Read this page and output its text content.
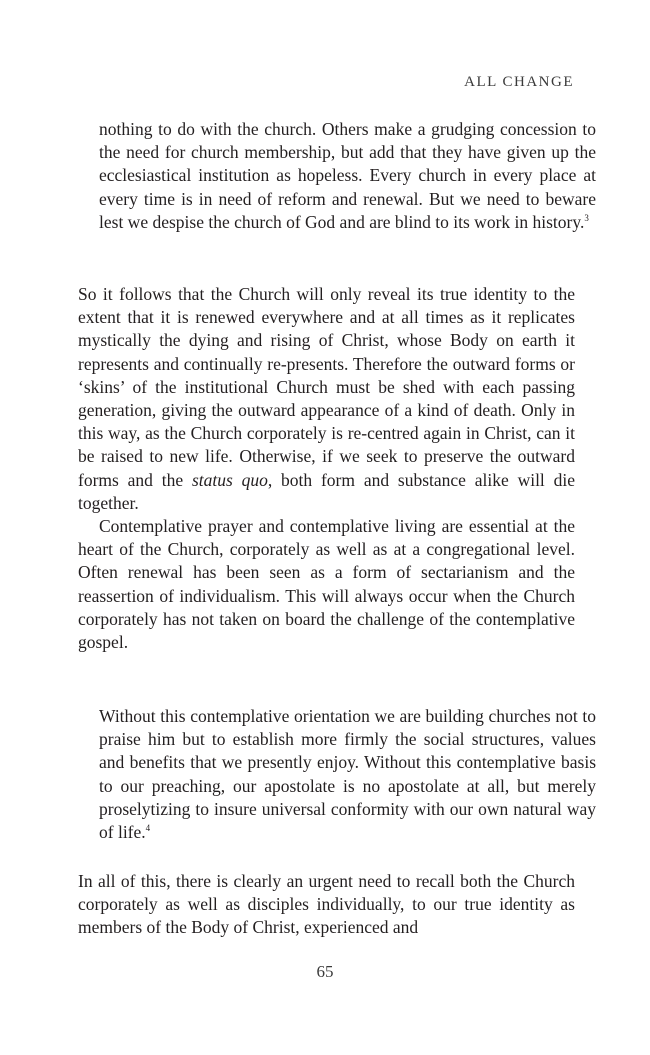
ALL CHANGE

nothing to do with the church. Others make a grudging concession to the need for church membership, but add that they have given up the ecclesiastical institution as hopeless. Every church in every place at every time is in need of reform and renewal. But we need to beware lest we despise the church of God and are blind to its work in history.$^3$

So it follows that the Church will only reveal its true identity to the extent that it is renewed everywhere and at all times as it replicates mystically the dying and rising of Christ, whose Body on earth it represents and continually re-presents. Therefore the outward forms or ‘skins’ of the institutional Church must be shed with each passing generation, giving the outward appearance of a kind of death. Only in this way, as the Church corporately is re-centred again in Christ, can it be raised to new life. Otherwise, if we seek to preserve the outward forms and the status quo, both form and substance alike will die together.

Contemplative prayer and contemplative living are essential at the heart of the Church, corporately as well as at a congregational level. Often renewal has been seen as a form of sectarianism and the reassertion of individualism. This will always occur when the Church corporately has not taken on board the challenge of the contemplative gospel.

Without this contemplative orientation we are building churches not to praise him but to establish more firmly the social structures, values and benefits that we presently enjoy. Without this contemplative basis to our preaching, our apostolate is no apostolate at all, but merely proselytizing to insure universal conformity with our own natural way of life.$^4$

In all of this, there is clearly an urgent need to recall both the Church corporately as well as disciples individually, to our true identity as members of the Body of Christ, experienced and

65
